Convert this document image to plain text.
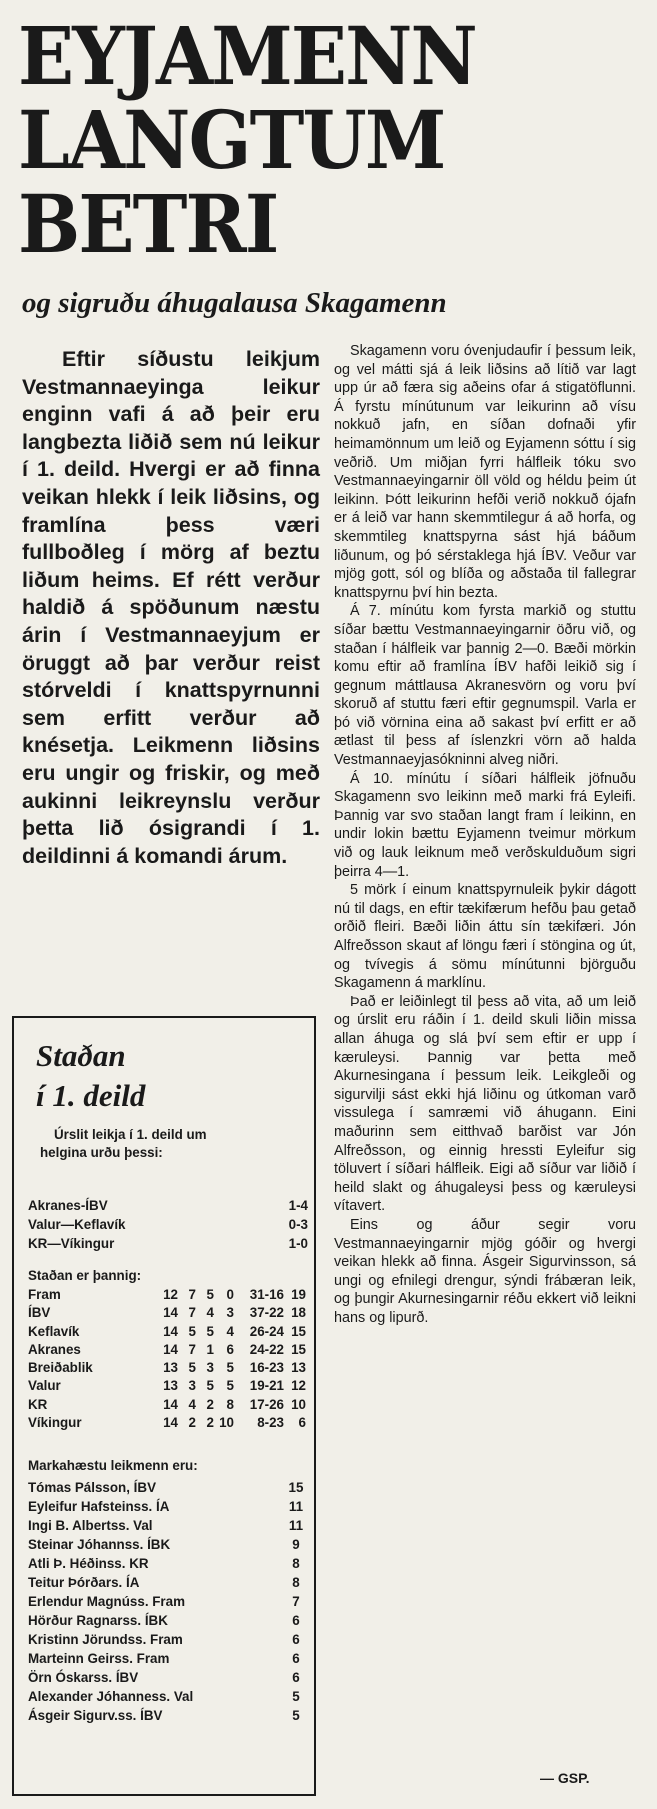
EYJAMENN
LANGTUM
BETRI
og sigruðu áhugalausa Skagamenn
Eftir síðustu leikjum Vestmannaeyinga leikur enginn vafi á að þeir eru langbezta liðið sem nú leikur í 1. deild. Hvergi er að finna veikan hlekk í leik liðsins, og framlína þess væri fullboðleg í mörg af beztu liðum heims. Ef rétt verður haldið á spöðunum næstu árin í Vestmannaeyjum er öruggt að þar verður reist stórveldi í knattspyrnunni sem erfitt verður að knésetja. Leikmenn liðsins eru ungir og friskir, og með aukinni leikreynslu verður þetta lið ósigrandi í 1. deildinni á komandi árum.

Skagamenn voru óvenjudaufir í þessum leik, og vel mátti sjá á leik liðsins að lítið var lagt upp úr að færa sig aðeins ofar á stigatöflunni. Á fyrstu mínútunum var leikurinn að vísu nokkuð jafn, en síðan dofnaði yfir heimamönnum um leið og Eyjamenn sóttu í sig veðrið. Um miðjan fyrri hálfleik tóku svo Vestmannaeyingarnir öll völd og héldu þeim út leikinn. Þótt leikurinn hefði verið nokkuð ójafn er á leið var hann skemmtilegur á að horfa, og skemmtileg knattspyrna sást hjá báðum liðunum, og þó sérstaklega hjá ÍBV. Veður var mjög gott, sól og blíða og aðstaða til fallegrar knattspyrnu því hin bezta.

Á 7. mínútu kom fyrsta markið og stuttu síðar bættu Vestmannaeyingarnir öðru við, og staðan í hálfleik var þannig 2—0. Bæði mörkin komu eftir að framlína ÍBV hafði leikið sig í gegnum máttlausa Akranesvörn og voru því skoruð af stuttu færi eftir gegnumspil. Varla er þó við vörnina eina að sakast því erfitt er að ætlast til þess af íslenzkri vörn að halda Vestmannaeyjasókninni alveg niðri.

Á 10. mínútu í síðari hálfleik jöfnuðu Skagamenn svo leikinn með marki frá Eyleifi. Þannig var svo staðan langt fram í leikinn, en undir lokin bættu Eyjamenn tveimur mörkum við og lauk leiknum með verðskulduðum sigri þeirra 4—1.

5 mörk í einum knattspyrnuleik þykir dágott nú til dags, en eftir tækifærum hefðu þau getað orðið fleiri. Bæði liðin áttu sín tækifæri. Jón Alfreðsson skaut af löngu færi í stöngina og út, og tvívegis á sömu mínútunni björguðu Skagamenn á marklínu.

Það er leiðinlegt til þess að vita, að um leið og úrslit eru ráðin í 1. deild skuli liðin missa allan áhuga og slá því sem eftir er upp í kæruleysi. Þannig var þetta með Akurnesingana í þessum leik. Leikgleði og sigurvilji sást ekki hjá liðinu og útkoman varð vissulega í samræmi við áhugann. Eini maðurinn sem eitthvað barðist var Jón Alfreðsson, og einnig hressti Eyleifur sig töluvert í síðari hálfleik. Eigi að síður var liðið í heild slakt og áhugaleysi þess og kæruleysi vítavert.

Eins og áður segir voru Vestmannaeyingarnir mjög góðir og hvergi veikan hlekk að finna. Ásgeir Sigurvinsson, sá ungi og efnilegi drengur, sýndi frábæran leik, og þungir Akurnesingarnir réðu ekkert við leikni hans og lipurð.

— GSP.
Staðan
í 1. deild
Úrslit leikja í 1. deild um
helgina urðu þessi:
Akranes-ÍBV	1-4
Valur—Keflavík	0-3
KR—Víkingur	1-0
Staðan er þannig:
Fram	12 7 5 0	31-16 19
ÍBV	14 7 4 3	37-22 18
Keflavík	14 5 5 4	26-24 15
Akranes	14 7 1 6	24-22 15
Breiðablik	13 5 3 5	16-23 13
Valur	13 3 5 5	19-21 12
KR	14 4 2 8	17-26 10
Víkingur	14 2 2 10	8-23	6
Markahæstu leikmenn eru:
Tómas Pálsson, ÍBV	15
Eyleifur Hafsteinss. ÍA	11
Ingi B. Albertss. Val	11
Steinar Jóhannss. ÍBK	9
Atli Þ. Héðinss. KR	8
Teitur Þórðars. ÍA	8
Erlendur Magnúss. Fram	7
Hörður Ragnarss. ÍBK	6
Kristinn Jörundss. Fram	6
Marteinn Geirss. Fram	6
Örn Óskarss. ÍBV	6
Alexander Jóhanness. Val	5
Ásgeir Sigurv.ss. ÍBV	5
